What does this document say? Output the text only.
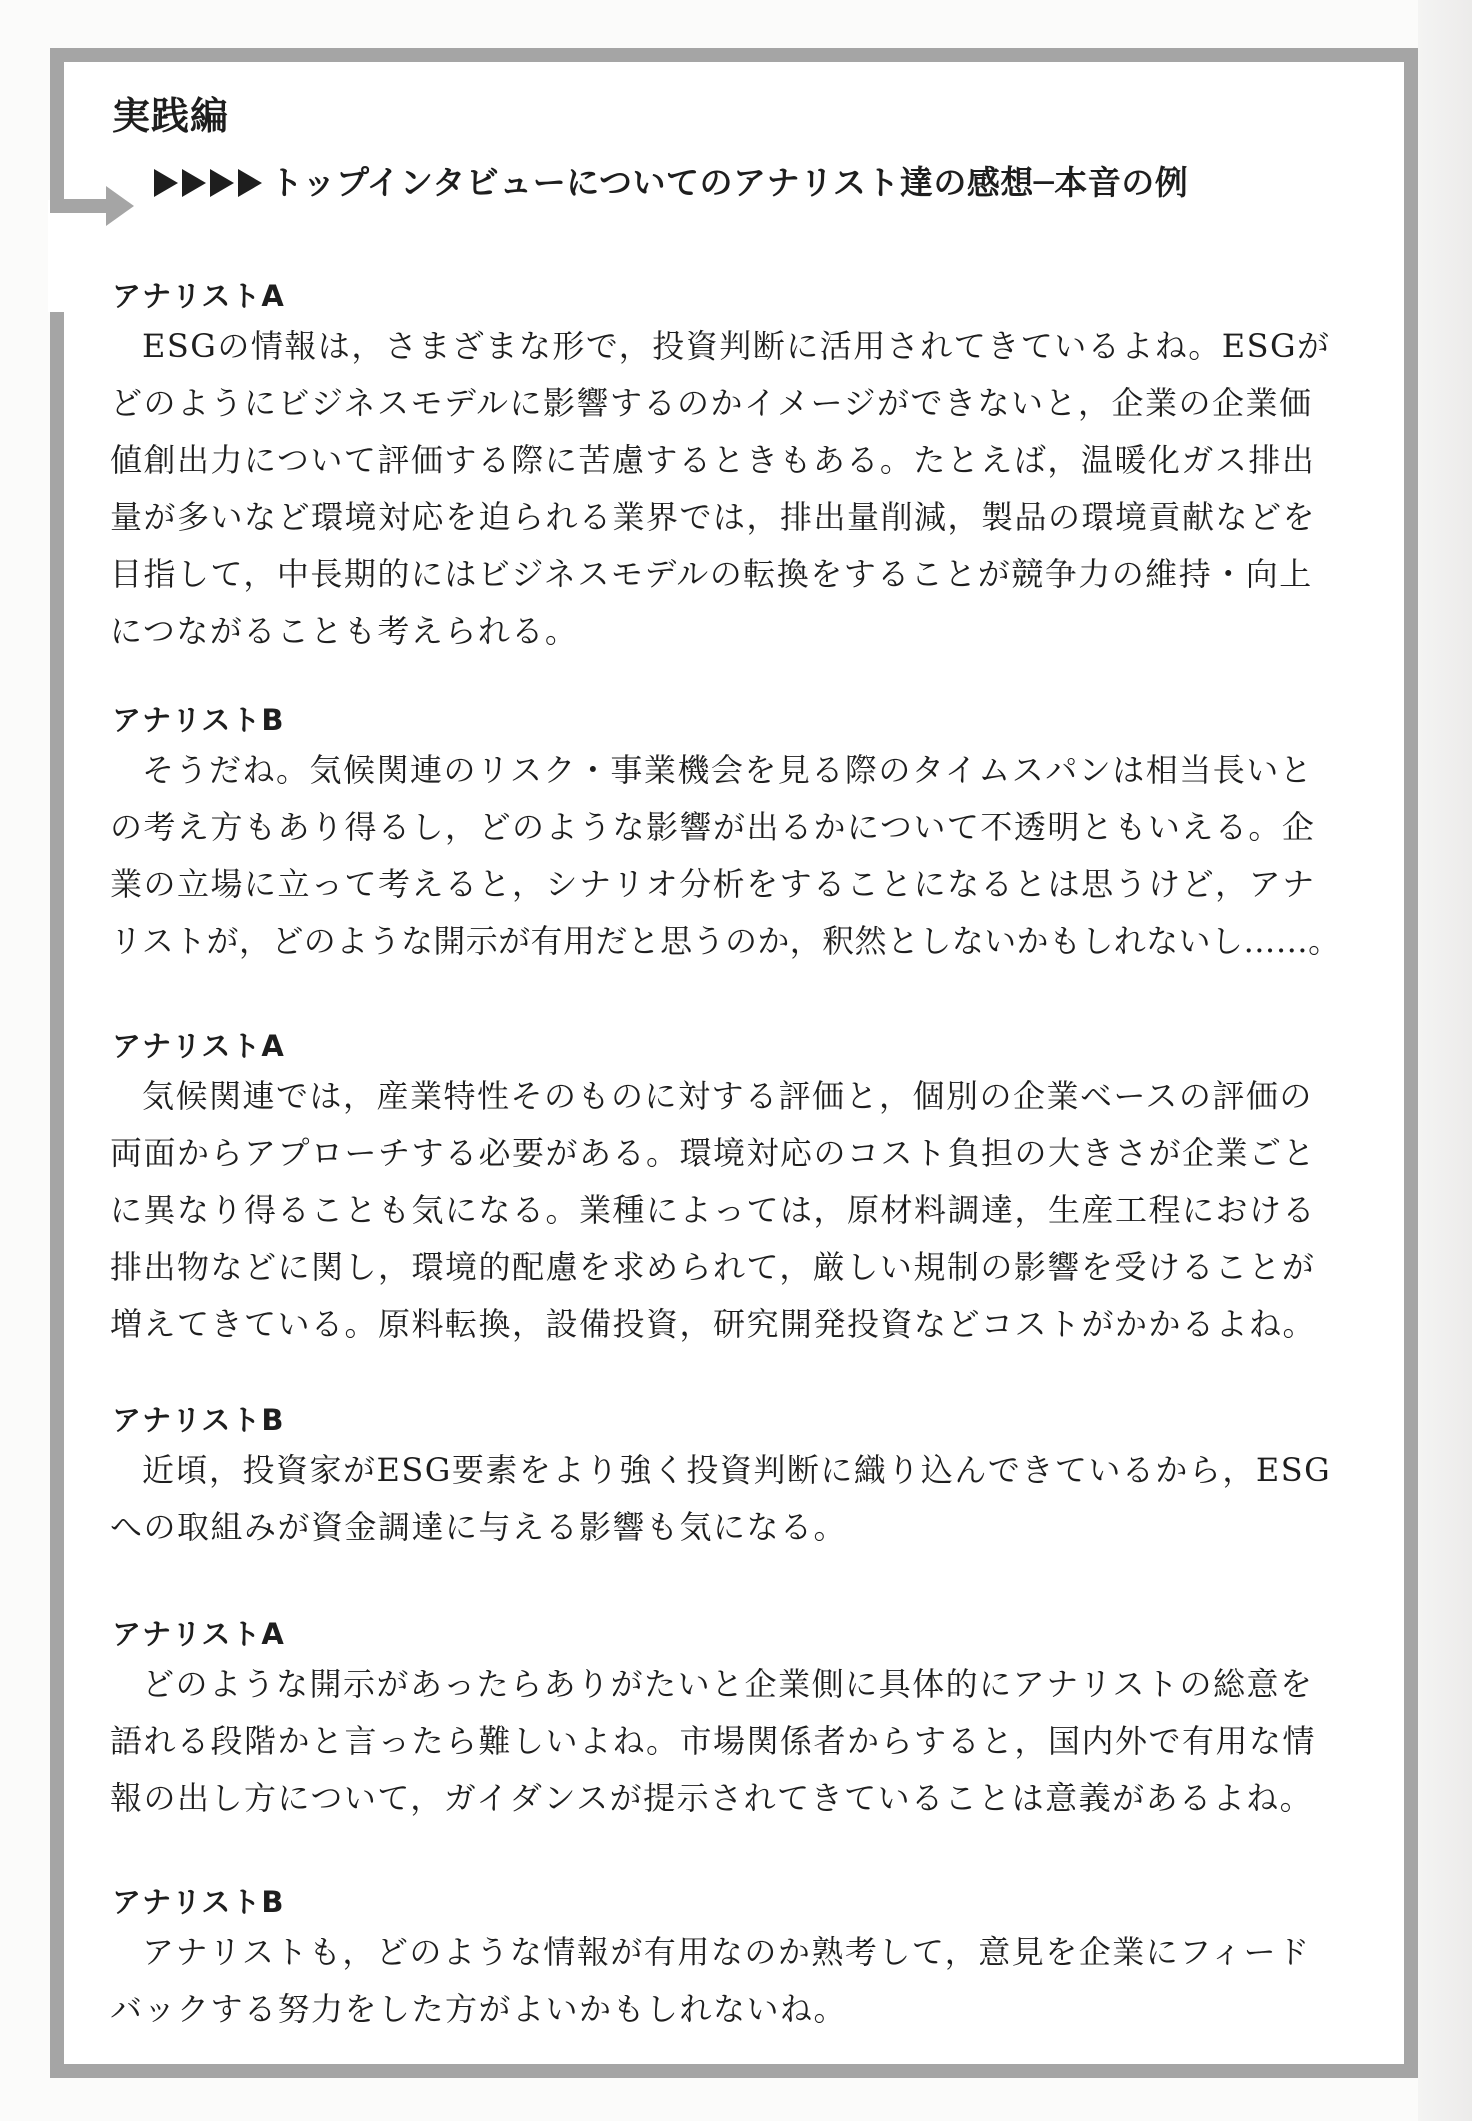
実践編
トップインタビューについてのアナリスト達の感想─本音の例
アナリストA
ESGの情報は，さまざまな形で，投資判断に活用されてきているよね。ESGが
どのようにビジネスモデルに影響するのかイメージができないと，企業の企業価
値創出力について評価する際に苦慮するときもある。たとえば，温暖化ガス排出
量が多いなど環境対応を迫られる業界では，排出量削減，製品の環境貢献などを
目指して，中長期的にはビジネスモデルの転換をすることが競争力の維持・向上
につながることも考えられる。
アナリストB
そうだね。気候関連のリスク・事業機会を見る際のタイムスパンは相当長いと
の考え方もあり得るし，どのような影響が出るかについて不透明ともいえる。企
業の立場に立って考えると，シナリオ分析をすることになるとは思うけど，アナ
リストが，どのような開示が有用だと思うのか，釈然としないかもしれないし……。
アナリストA
気候関連では，産業特性そのものに対する評価と，個別の企業ベースの評価の
両面からアプローチする必要がある。環境対応のコスト負担の大きさが企業ごと
に異なり得ることも気になる。業種によっては，原材料調達，生産工程における
排出物などに関し，環境的配慮を求められて，厳しい規制の影響を受けることが
増えてきている。原料転換，設備投資，研究開発投資などコストがかかるよね。
アナリストB
近頃，投資家がESG要素をより強く投資判断に織り込んできているから，ESG
への取組みが資金調達に与える影響も気になる。
アナリストA
どのような開示があったらありがたいと企業側に具体的にアナリストの総意を
語れる段階かと言ったら難しいよね。市場関係者からすると，国内外で有用な情
報の出し方について，ガイダンスが提示されてきていることは意義があるよね。
アナリストB
アナリストも，どのような情報が有用なのか熟考して，意見を企業にフィード
バックする努力をした方がよいかもしれないね。
